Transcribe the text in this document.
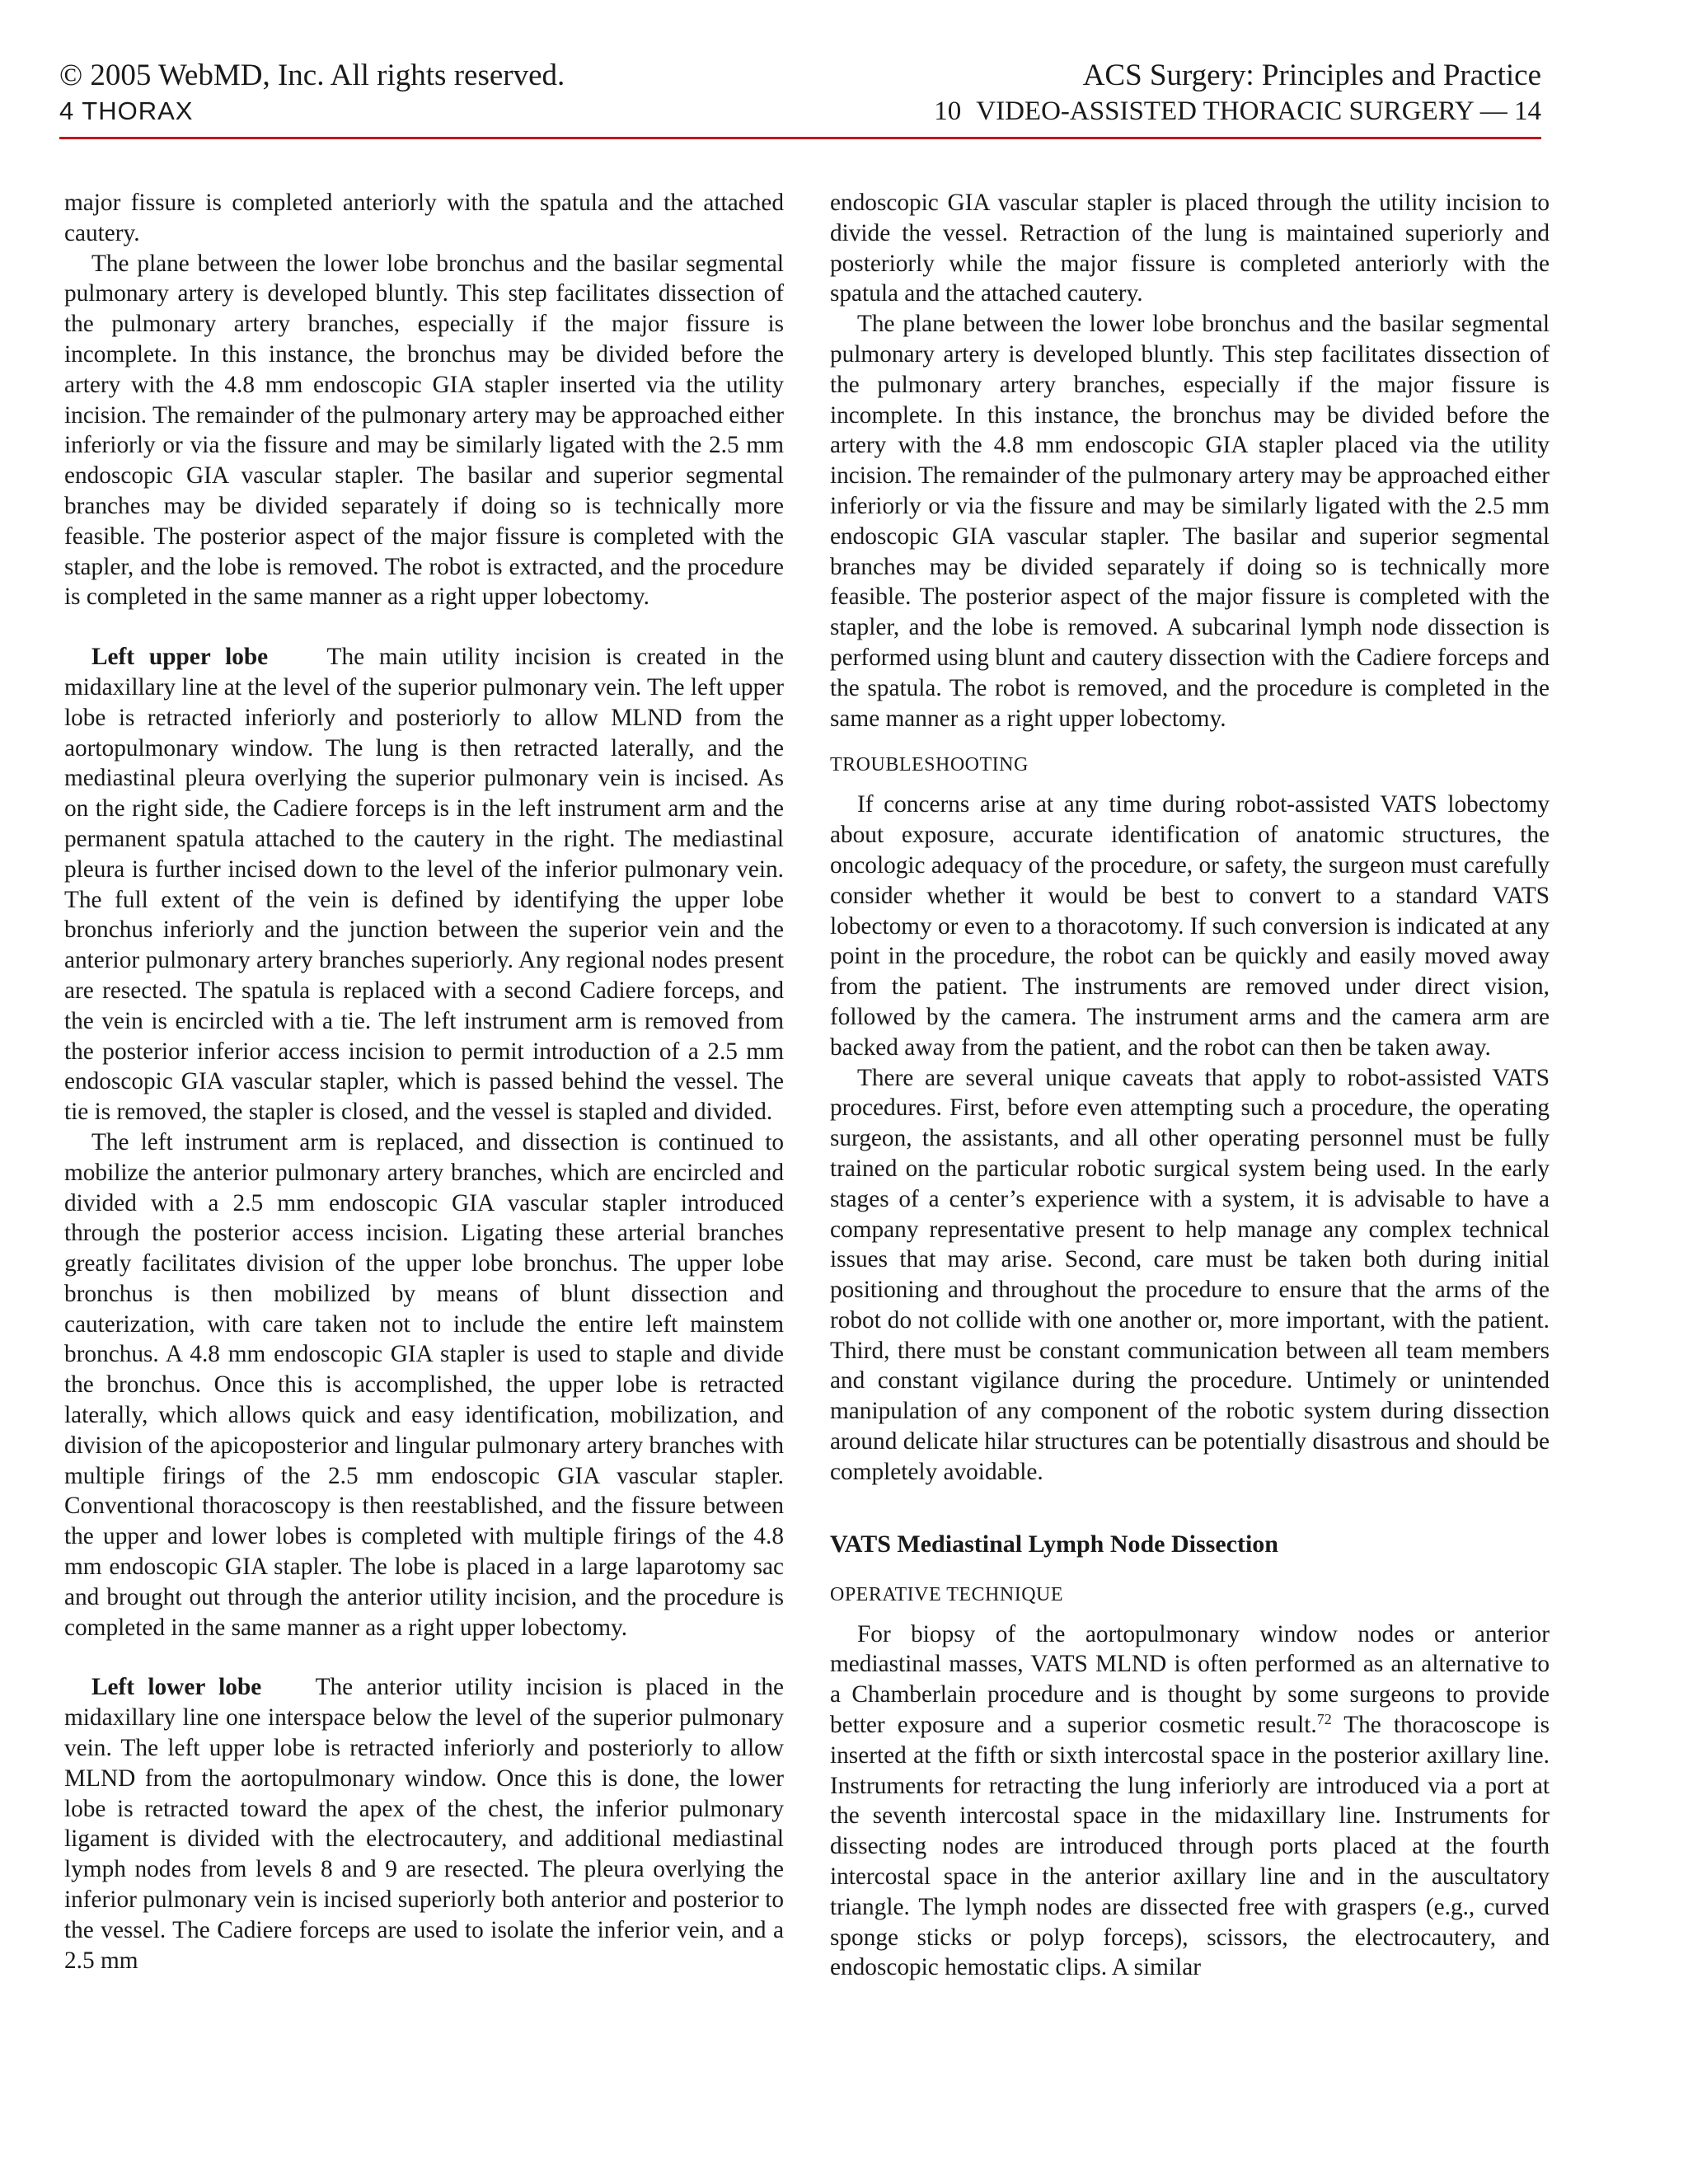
© 2005 WebMD, Inc. All rights reserved.
4 THORAX
ACS Surgery: Principles and Practice
10 VIDEO-ASSISTED THORACIC SURGERY — 14

major fissure is completed anteriorly with the spatula and the attached cautery.

The plane between the lower lobe bronchus and the basilar segmental pulmonary artery is developed bluntly. This step facilitates dissection of the pulmonary artery branches, especially if the major fissure is incomplete. In this instance, the bronchus may be divided before the artery with the 4.8 mm endoscopic GIA stapler inserted via the utility incision. The remainder of the pulmonary artery may be approached either inferiorly or via the fissure and may be similarly ligated with the 2.5 mm endoscopic GIA vascular stapler. The basilar and superior segmental branches may be divided separately if doing so is technically more feasible. The posterior aspect of the major fissure is completed with the stapler, and the lobe is removed. The robot is extracted, and the procedure is completed in the same manner as a right upper lobectomy.

Left upper lobe The main utility incision is created in the midaxillary line at the level of the superior pulmonary vein. The left upper lobe is retracted inferiorly and posteriorly to allow MLND from the aortopulmonary window. The lung is then retracted laterally, and the mediastinal pleura overlying the superior pulmonary vein is incised. As on the right side, the Cadiere forceps is in the left instrument arm and the permanent spatula attached to the cautery in the right. The mediastinal pleura is further incised down to the level of the inferior pulmonary vein. The full extent of the vein is defined by identifying the upper lobe bronchus inferiorly and the junction between the superior vein and the anterior pulmonary artery branches superiorly. Any regional nodes present are resected. The spatula is replaced with a second Cadiere forceps, and the vein is encircled with a tie. The left instrument arm is removed from the posterior inferior access incision to permit introduction of a 2.5 mm endoscopic GIA vascular stapler, which is passed behind the vessel. The tie is removed, the stapler is closed, and the vessel is stapled and divided.

The left instrument arm is replaced, and dissection is continued to mobilize the anterior pulmonary artery branches, which are encircled and divided with a 2.5 mm endoscopic GIA vascular stapler introduced through the posterior access incision. Ligating these arterial branches greatly facilitates division of the upper lobe bronchus. The upper lobe bronchus is then mobilized by means of blunt dissection and cauterization, with care taken not to include the entire left mainstem bronchus. A 4.8 mm endoscopic GIA stapler is used to staple and divide the bronchus. Once this is accomplished, the upper lobe is retracted laterally, which allows quick and easy identification, mobilization, and division of the apicoposterior and lingular pulmonary artery branches with multiple firings of the 2.5 mm endoscopic GIA vascular stapler. Conventional thoracoscopy is then reestablished, and the fissure between the upper and lower lobes is completed with multiple firings of the 4.8 mm endoscopic GIA stapler. The lobe is placed in a large laparotomy sac and brought out through the anterior utility incision, and the procedure is completed in the same manner as a right upper lobectomy.

Left lower lobe The anterior utility incision is placed in the midaxillary line one interspace below the level of the superior pulmonary vein. The left upper lobe is retracted inferiorly and posteriorly to allow MLND from the aortopulmonary window. Once this is done, the lower lobe is retracted toward the apex of the chest, the inferior pulmonary ligament is divided with the electrocautery, and additional mediastinal lymph nodes from levels 8 and 9 are resected. The pleura overlying the inferior pulmonary vein is incised superiorly both anterior and posterior to the vessel. The Cadiere forceps are used to isolate the inferior vein, and a 2.5 mm

endoscopic GIA vascular stapler is placed through the utility incision to divide the vessel. Retraction of the lung is maintained superiorly and posteriorly while the major fissure is completed anteriorly with the spatula and the attached cautery.

The plane between the lower lobe bronchus and the basilar segmental pulmonary artery is developed bluntly. This step facilitates dissection of the pulmonary artery branches, especially if the major fissure is incomplete. In this instance, the bronchus may be divided before the artery with the 4.8 mm endoscopic GIA stapler placed via the utility incision. The remainder of the pulmonary artery may be approached either inferiorly or via the fissure and may be similarly ligated with the 2.5 mm endoscopic GIA vascular stapler. The basilar and superior segmental branches may be divided separately if doing so is technically more feasible. The posterior aspect of the major fissure is completed with the stapler, and the lobe is removed. A subcarinal lymph node dissection is performed using blunt and cautery dissection with the Cadiere forceps and the spatula. The robot is removed, and the procedure is completed in the same manner as a right upper lobectomy.

TROUBLESHOOTING

If concerns arise at any time during robot-assisted VATS lobectomy about exposure, accurate identification of anatomic structures, the oncologic adequacy of the procedure, or safety, the surgeon must carefully consider whether it would be best to convert to a standard VATS lobectomy or even to a thoracotomy. If such conversion is indicated at any point in the procedure, the robot can be quickly and easily moved away from the patient. The instruments are removed under direct vision, followed by the camera. The instrument arms and the camera arm are backed away from the patient, and the robot can then be taken away.

There are several unique caveats that apply to robot-assisted VATS procedures. First, before even attempting such a procedure, the operating surgeon, the assistants, and all other operating personnel must be fully trained on the particular robotic surgical system being used. In the early stages of a center’s experience with a system, it is advisable to have a company representative present to help manage any complex technical issues that may arise. Second, care must be taken both during initial positioning and throughout the procedure to ensure that the arms of the robot do not collide with one another or, more important, with the patient. Third, there must be constant communication between all team members and constant vigilance during the procedure. Untimely or unintended manipulation of any component of the robotic system during dissection around delicate hilar structures can be potentially disastrous and should be completely avoidable.

VATS Mediastinal Lymph Node Dissection
OPERATIVE TECHNIQUE

For biopsy of the aortopulmonary window nodes or anterior mediastinal masses, VATS MLND is often performed as an alternative to a Chamberlain procedure and is thought by some surgeons to provide better exposure and a superior cosmetic result.$^{72}$ The thoracoscope is inserted at the fifth or sixth intercostal space in the posterior axillary line. Instruments for retracting the lung inferiorly are introduced via a port at the seventh intercostal space in the midaxillary line. Instruments for dissecting nodes are introduced through ports placed at the fourth intercostal space in the anterior axillary line and in the auscultatory triangle. The lymph nodes are dissected free with graspers (e.g., curved sponge sticks or polyp forceps), scissors, the electrocautery, and endoscopic hemostatic clips. A similar
